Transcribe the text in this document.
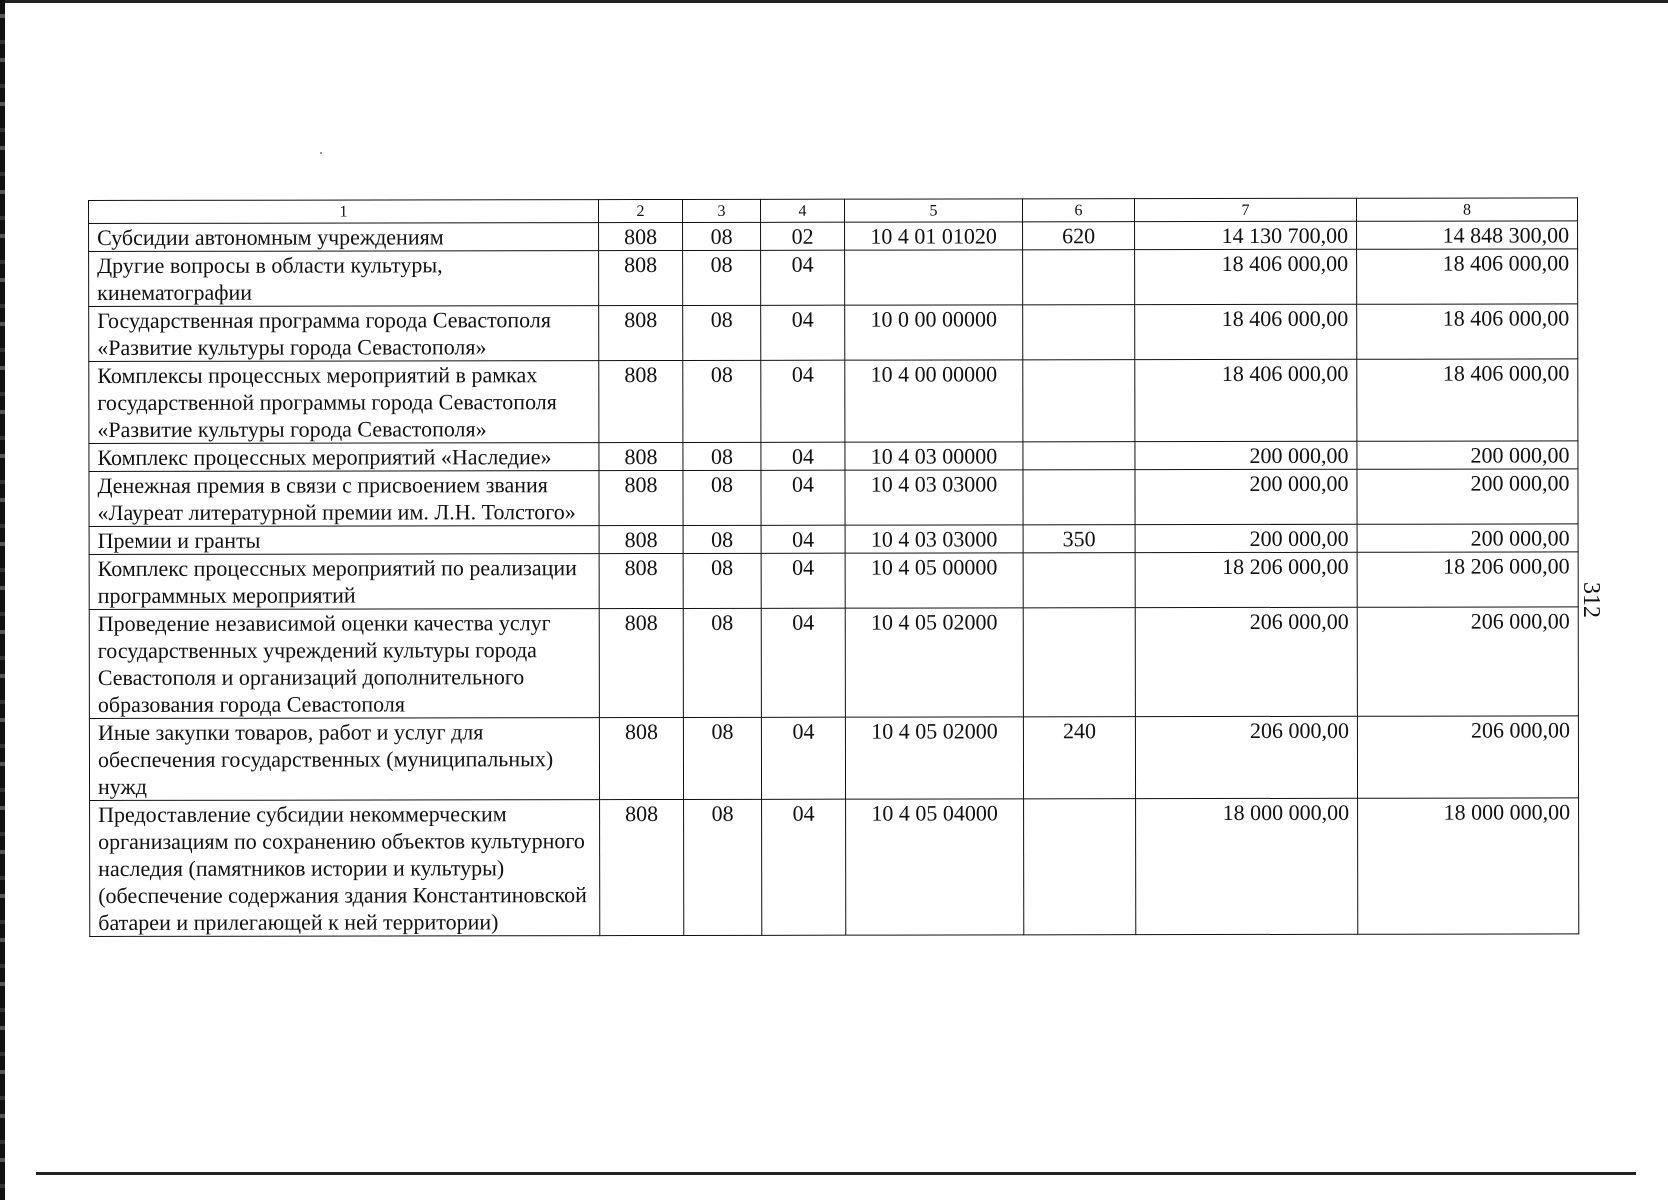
1	2	3	4	5	6	7	8
Субсидии автономным учреждениям	808	08	02	10 4 01 01020	620	14 130 700,00	14 848 300,00
Другие вопросы в области культуры, кинематографии	808	08	04			18 406 000,00	18 406 000,00
Государственная программа города Севастополя «Развитие культуры города Севастополя»	808	08	04	10 0 00 00000		18 406 000,00	18 406 000,00
Комплексы процессных мероприятий в рамках государственной программы города Севастополя «Развитие культуры города Севастополя»	808	08	04	10 4 00 00000		18 406 000,00	18 406 000,00
Комплекс процессных мероприятий «Наследие»	808	08	04	10 4 03 00000		200 000,00	200 000,00
Денежная премия в связи с присвоением звания «Лауреат литературной премии им. Л.Н. Толстого»	808	08	04	10 4 03 03000		200 000,00	200 000,00
Премии и гранты	808	08	04	10 4 03 03000	350	200 000,00	200 000,00
Комплекс процессных мероприятий по реализации программных мероприятий	808	08	04	10 4 05 00000		18 206 000,00	18 206 000,00
Проведение независимой оценки качества услуг государственных учреждений культуры города Севастополя и организаций дополнительного образования города Севастополя	808	08	04	10 4 05 02000		206 000,00	206 000,00
Иные закупки товаров, работ и услуг для обеспечения государственных (муниципальных) нужд	808	08	04	10 4 05 02000	240	206 000,00	206 000,00
Предоставление субсидии некоммерческим организациям по сохранению объектов культурного наследия (памятников истории и культуры) (обеспечение содержания здания Константиновской батареи и прилегающей к ней территории)	808	08	04	10 4 05 04000		18 000 000,00	18 000 000,00
312
